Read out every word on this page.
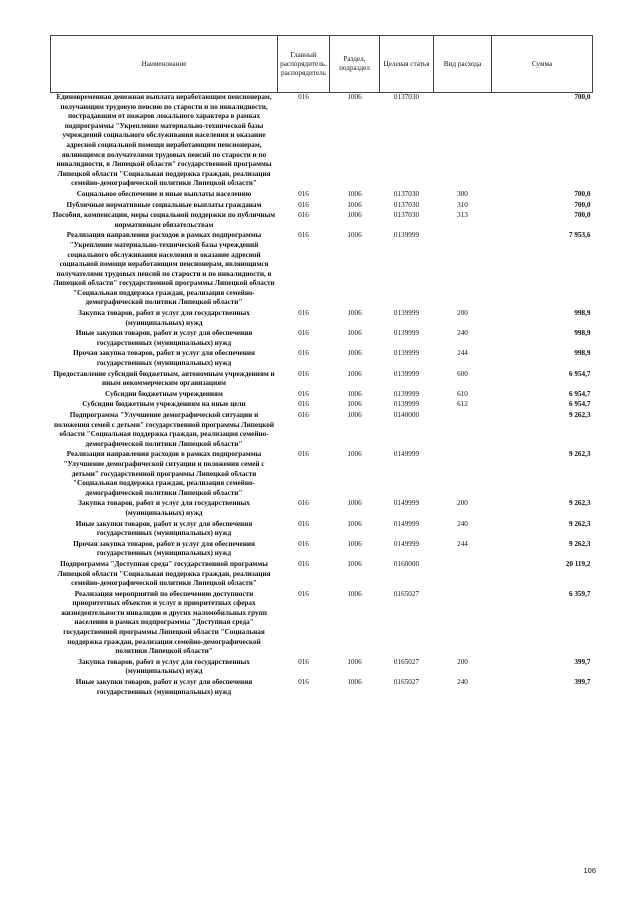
Наименование	Главный распорядитель, распорядитель	Раздел, подраздел	Целевая статья	Вид расхода	Сумма
Единовременная денежная выплата неработающим пенсионерам, получающим трудовую пенсию по старости и по инвалидности, пострадавшим от пожаров локального характера в рамках подпрограммы "Укрепление материально-технической базы учреждений социального обслуживания населения и оказание адресной социальной помощи неработающим пенсионерам, являющимся получателями трудовых пенсий по старости и по инвалидности, в Липецкой области" государственной программы Липецкой области "Социальная поддержка граждан, реализация семейно-демографической политики Липецкой области"	016	1006	0137030		700,0
Социальное обеспечение и иные выплаты населению	016	1006	0137030	300	700,0
Публичные нормативные социальные выплаты гражданам	016	1006	0137030	310	700,0
Пособия, компенсации, меры социальной поддержки по публичным нормативным обязательствам	016	1006	0137030	313	700,0
Реализация направления расходов в рамках подпрограммы "Укрепление материально-технической базы учреждений социального обслуживания населения и оказание адресной социальной помощи неработающим пенсионерам, являющимся получателями трудовых пенсий по старости и по инвалидности, в Липецкой области" государственной программы Липецкой области "Социальная поддержка граждан, реализация семейно-демографической политики Липецкой области"	016	1006	0139999		7 953,6
Закупка товаров, работ и услуг для государственных (муниципальных) нужд	016	1006	0139999	200	998,9
Иные закупки товаров, работ и услуг для обеспечения государственных (муниципальных) нужд	016	1006	0139999	240	998,9
Прочая закупка товаров, работ и услуг для обеспечения государственных (муниципальных) нужд	016	1006	0139999	244	998,9
Предоставление субсидий бюджетным, автономным учреждениям и иным некоммерческим организациям	016	1006	0139999	600	6 954,7
Субсидии бюджетным учреждениям	016	1006	0139999	610	6 954,7
Субсидии бюджетным учреждениям на иные цели	016	1006	0139999	612	6 954,7
Подпрограмма "Улучшение демографической ситуации и положения семей с детьми" государственной программы Липецкой области "Социальная поддержка граждан, реализация семейно-демографической политики Липецкой области"	016	1006	0140000		9 262,3
Реализация направления расходов в рамках подпрограммы "Улучшение демографической ситуации и положения семей с детьми" государственной программы Липецкой области "Социальная поддержка граждан, реализация семейно-демографической политики Липецкой области"	016	1006	0149999		9 262,3
Закупка товаров, работ и услуг для государственных (муниципальных) нужд	016	1006	0149999	200	9 262,3
Иные закупки товаров, работ и услуг для обеспечения государственных (муниципальных) нужд	016	1006	0149999	240	9 262,3
Прочая закупка товаров, работ и услуг для обеспечения государственных (муниципальных) нужд	016	1006	0149999	244	9 262,3
Подпрограмма "Доступная среда" государственной программы Липецкой области "Социальная поддержка граждан, реализация семейно-демографической политики Липецкой области"	016	1006	0160000		20 119,2
Реализация мероприятий по обеспечению доступности приоритетных объектов и услуг в приоритетных сферах жизнедеятельности инвалидов и других маломобильных групп населения в рамках подпрограммы "Доступная среда" государственной программы Липецкой области "Социальная поддержка граждан, реализация семейно-демографической политики Липецкой области"	016	1006	0165027		6 359,7
Закупка товаров, работ и услуг для государственных (муниципальных) нужд	016	1006	0165027	200	399,7
Иные закупки товаров, работ и услуг для обеспечения государственных (муниципальных) нужд	016	1006	0165027	240	399,7
106
